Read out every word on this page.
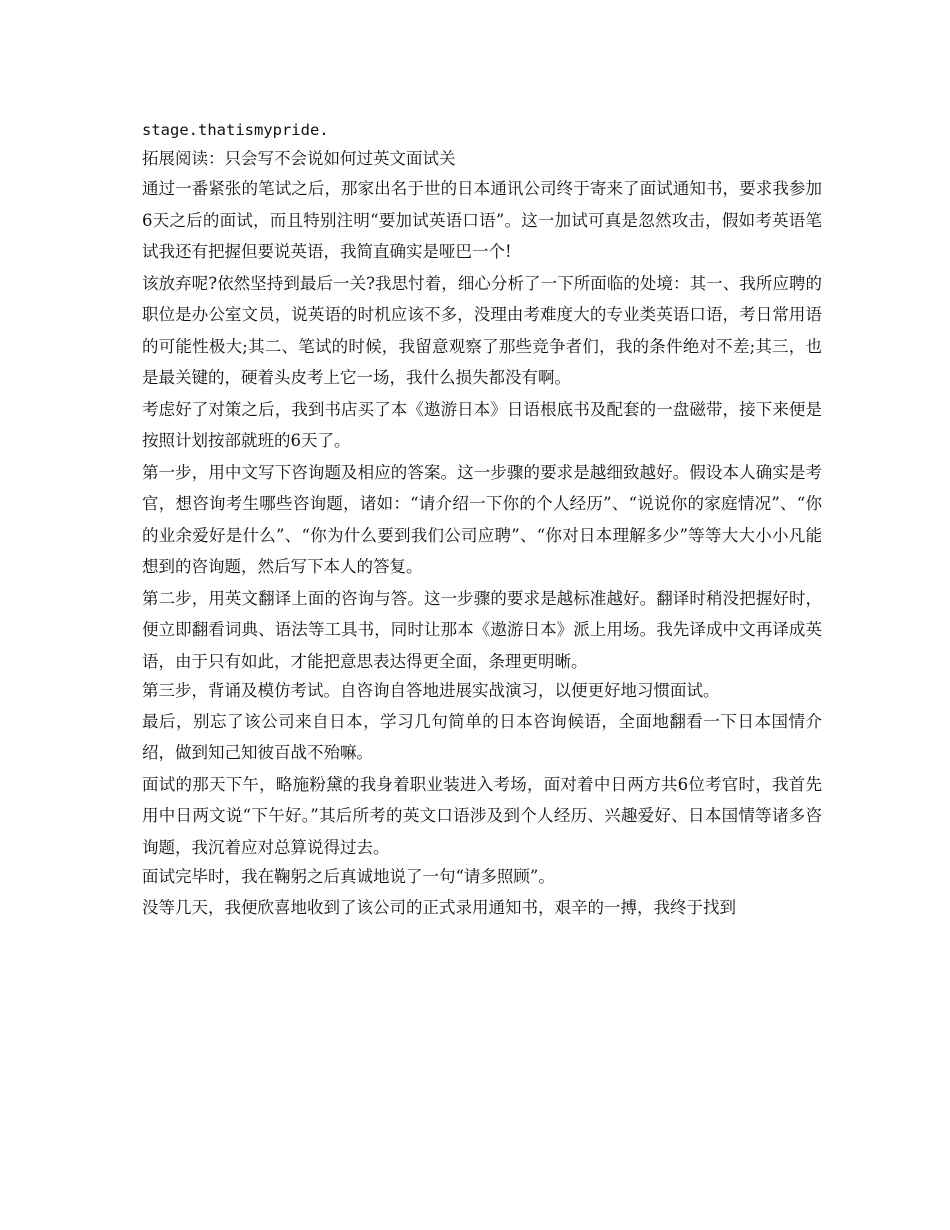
stage.thatismypride.

拓展阅读：只会写不会说如何过英文面试关

通过一番紧张的笔试之后，那家出名于世的日本通讯公司终于寄来了面试通知书，要求我参加6天之后的面试，而且特别注明“要加试英语口语”。这一加试可真是忽然攻击，假如考英语笔试我还有把握但要说英语，我简直确实是哑巴一个!

该放弃呢?依然坚持到最后一关?我思忖着，细心分析了一下所面临的处境：其一、我所应聘的职位是办公室文员，说英语的时机应该不多，没理由考难度大的专业类英语口语，考日常用语的可能性极大;其二、笔试的时候，我留意观察了那些竞争者们，我的条件绝对不差;其三，也是最关键的，硬着头皮考上它一场，我什么损失都没有啊。

考虑好了对策之后，我到书店买了本《遨游日本》日语根底书及配套的一盘磁带，接下来便是按照计划按部就班的6天了。

第一步，用中文写下咨询题及相应的答案。这一步骤的要求是越细致越好。假设本人确实是考官，想咨询考生哪些咨询题，诸如：“请介绍一下你的个人经历”、“说说你的家庭情况”、“你的业余爱好是什么”、“你为什么要到我们公司应聘”、“你对日本理解多少”等等大大小小凡能想到的咨询题，然后写下本人的答复。

第二步，用英文翻译上面的咨询与答。这一步骤的要求是越标准越好。翻译时稍没把握好时，便立即翻看词典、语法等工具书，同时让那本《遨游日本》派上用场。我先译成中文再译成英语，由于只有如此，才能把意思表达得更全面，条理更明晰。

第三步，背诵及模仿考试。自咨询自答地进展实战演习，以便更好地习惯面试。

最后，别忘了该公司来自日本，学习几句简单的日本咨询候语，全面地翻看一下日本国情介绍，做到知己知彼百战不殆嘛。

面试的那天下午，略施粉黛的我身着职业装进入考场，面对着中日两方共6位考官时，我首先用中日两文说“下午好。”其后所考的英文口语涉及到个人经历、兴趣爱好、日本国情等诸多咨询题，我沉着应对总算说得过去。

面试完毕时，我在鞠躬之后真诚地说了一句“请多照顾”。

没等几天，我便欣喜地收到了该公司的正式录用通知书，艰辛的一搏，我终于找到
